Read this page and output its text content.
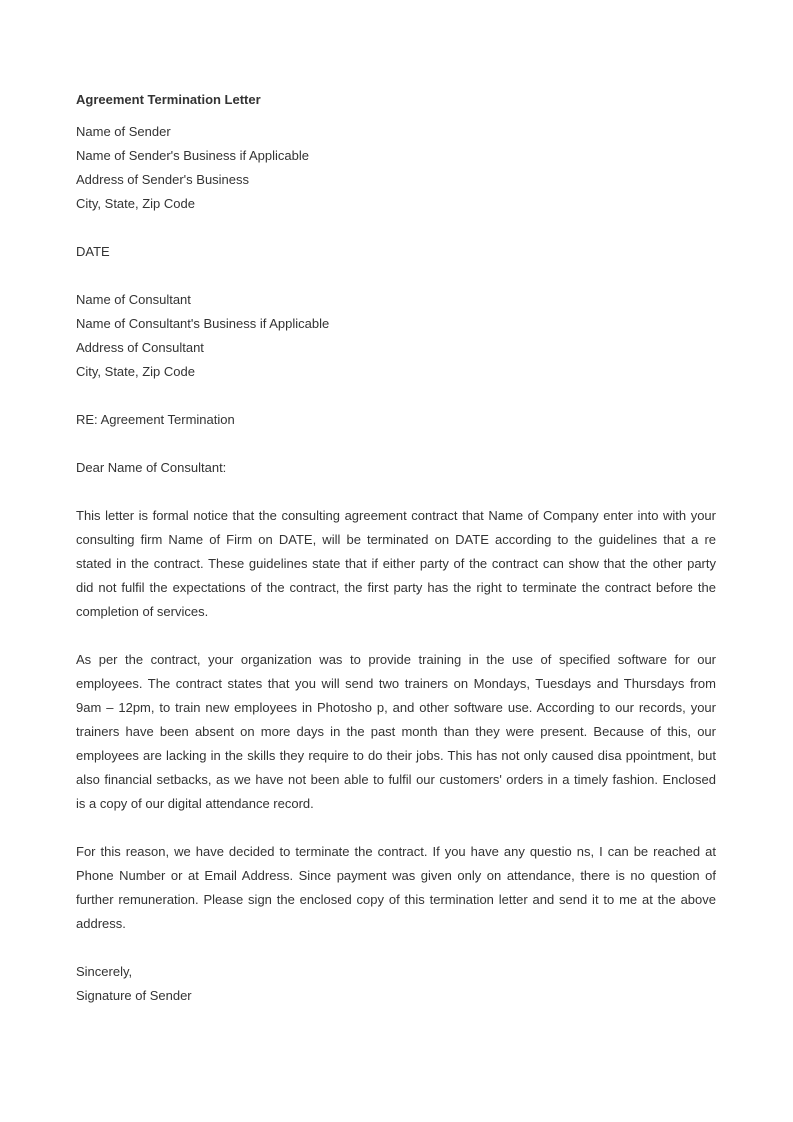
Agreement Termination Letter
Name of Sender
Name of Sender's Business if Applicable
Address of Sender's Business
City, State, Zip Code
DATE
Name of Consultant
Name of Consultant's Business if Applicable
Address of Consultant
City, State, Zip Code
RE: Agreement Termination
Dear Name of Consultant:
This letter is formal notice that the consulting agreement contract that Name of Company enter into with your
consulting firm Name of Firm on DATE, will be terminated on DATE according to the guidelines that a re
stated in the contract. These guidelines state that if either party of the contract can show that the other party
did not fulfil the expectations of the contract, the first party has the right to terminate the contract before the
completion of services.
As per the contract, your organization was to provide training in the use of specified software for our
employees. The contract states that you will send two trainers on Mondays, Tuesdays and Thursdays from
9am – 12pm, to train new employees in Photosho p, and other software use. According to our records, your
trainers have been absent on more days in the past month than they were present. Because of this, our
employees are lacking in the skills they require to do their jobs. This has not only caused disa ppointment, but
also financial setbacks, as we have not been able to fulfil our customers' orders in a timely fashion. Enclosed
is a copy of our digital attendance record.
For this reason, we have decided to terminate the contract. If you have any questio ns, I can be reached at
Phone Number or at Email Address. Since payment was given only on attendance, there is no question of
further remuneration. Please sign the enclosed copy of this termination letter and send it to me at the above
address.
Sincerely,
Signature of Sender
